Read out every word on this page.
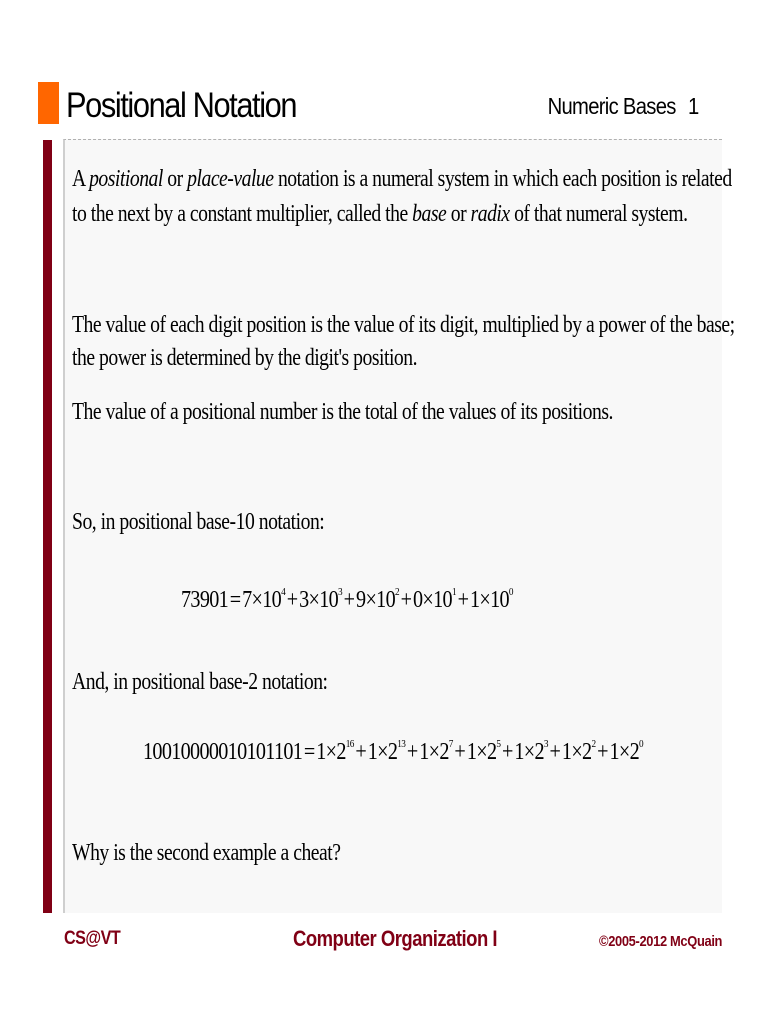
Positional Notation	Numeric Bases 1
A positional or place-value notation is a numeral system in which each position is related
to the next by a constant multiplier, called the base or radix of that numeral system.
The value of each digit position is the value of its digit, multiplied by a power of the base;
the power is determined by the digit's position.
The value of a positional number is the total of the values of its positions.
So, in positional base-10 notation:
$73901=7\times 10^4+3\times 10^3+9\times 10^2+0\times 10^1+1\times 10^0$
And, in positional base-2 notation:
$10010000010101101=1\times 2^{16}+1\times 2^{13}+1\times 2^7+1\times 2^5+1\times 2^3+1\times 2^2+1\times 2^0$
Why is the second example a cheat?
CS@VT	Computer Organization I	©2005-2012 McQuain
